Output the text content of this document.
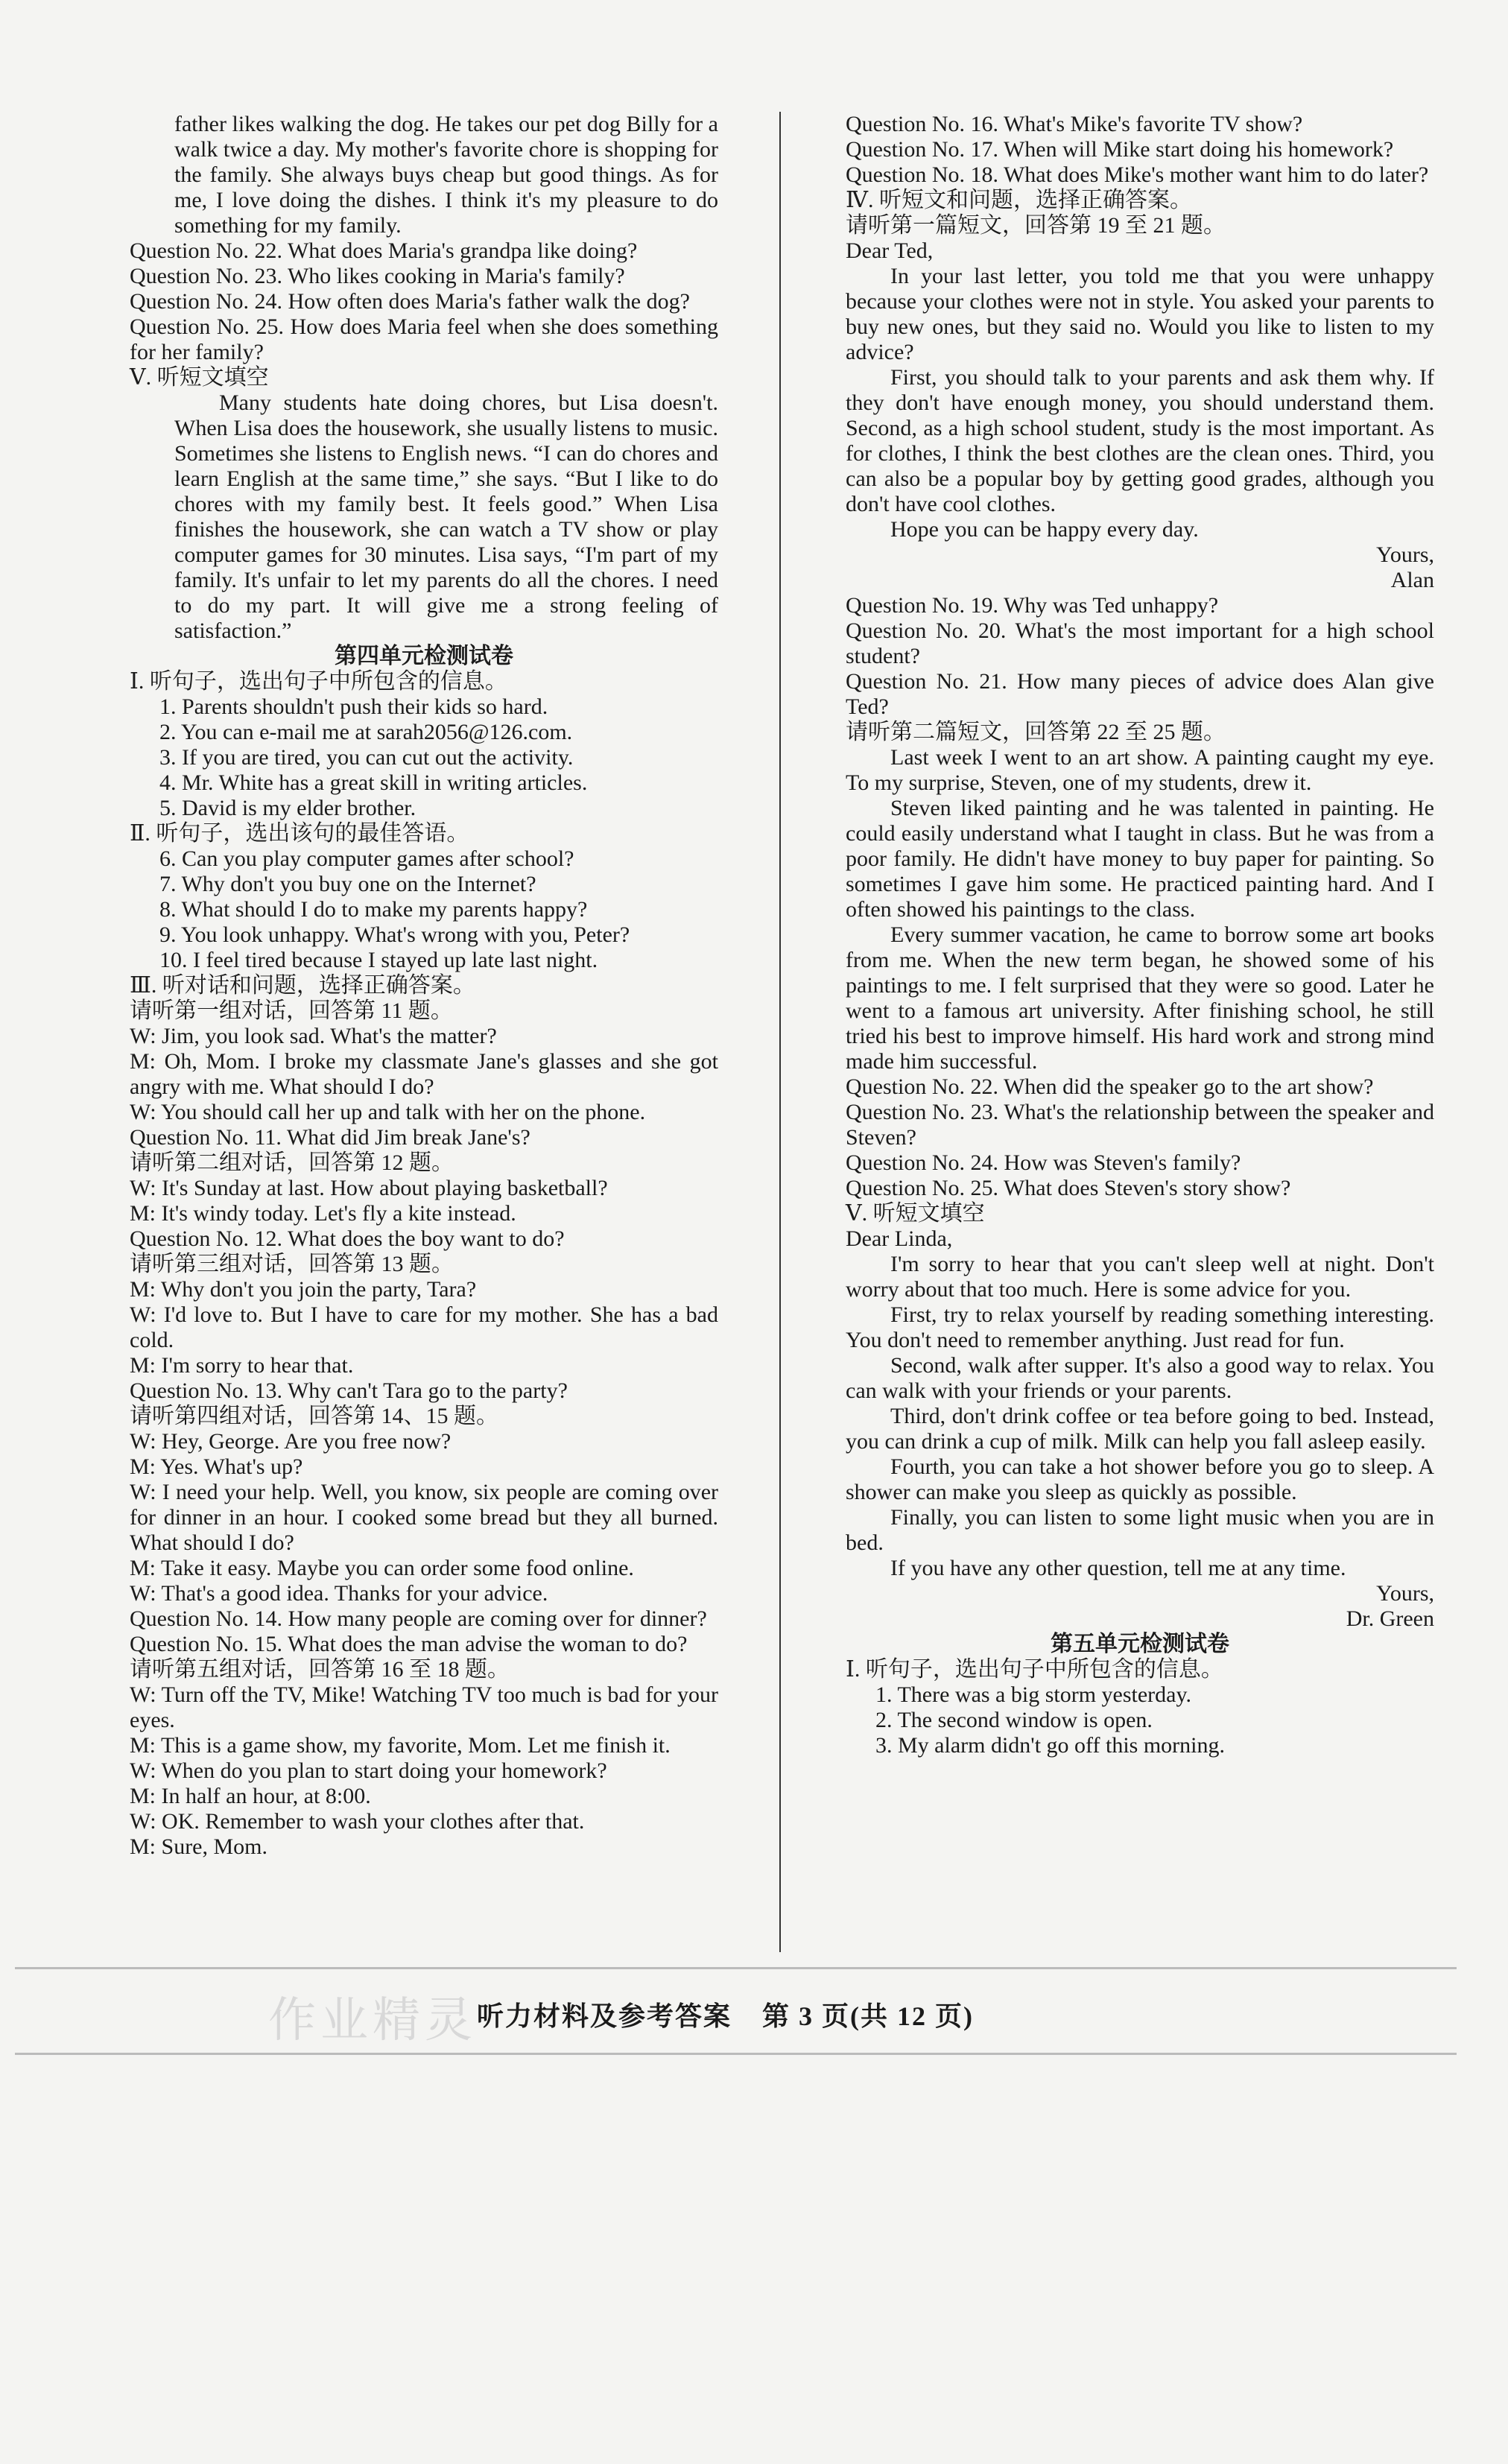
father likes walking the dog. He takes our pet dog Billy for a walk twice a day. My mother's favorite chore is shopping for the family. She always buys cheap but good things. As for me, I love doing the dishes. I think it's my pleasure to do something for my family.

Question No. 22. What does Maria's grandpa like doing?

Question No. 23. Who likes cooking in Maria's family?

Question No. 24. How often does Maria's father walk the dog?

Question No. 25. How does Maria feel when she does something for her family?

Ⅴ. 听短文填空

Many students hate doing chores, but Lisa doesn't. When Lisa does the housework, she usually listens to music. Sometimes she listens to English news. “I can do chores and learn English at the same time,” she says. “But I like to do chores with my family best. It feels good.” When Lisa finishes the housework, she can watch a TV show or play computer games for 30 minutes. Lisa says, “I'm part of my family. It's unfair to let my parents do all the chores. I need to do my part. It will give me a strong feeling of satisfaction.”

第四单元检测试卷

Ⅰ. 听句子，选出句子中所包含的信息。

1. Parents shouldn't push their kids so hard.

2. You can e-mail me at sarah2056@126.com.

3. If you are tired, you can cut out the activity.

4. Mr. White has a great skill in writing articles.

5. David is my elder brother.

Ⅱ. 听句子，选出该句的最佳答语。

6. Can you play computer games after school?

7. Why don't you buy one on the Internet?

8. What should I do to make my parents happy?

9. You look unhappy. What's wrong with you, Peter?

10. I feel tired because I stayed up late last night.

Ⅲ. 听对话和问题，选择正确答案。

请听第一组对话，回答第 11 题。

W: Jim, you look sad. What's the matter?

M: Oh, Mom. I broke my classmate Jane's glasses and she got angry with me. What should I do?

W: You should call her up and talk with her on the phone.

Question No. 11. What did Jim break Jane's?

请听第二组对话，回答第 12 题。

W: It's Sunday at last. How about playing basketball?

M: It's windy today. Let's fly a kite instead.

Question No. 12. What does the boy want to do?

请听第三组对话，回答第 13 题。

M: Why don't you join the party, Tara?

W: I'd love to. But I have to care for my mother. She has a bad cold.

M: I'm sorry to hear that.

Question No. 13. Why can't Tara go to the party?

请听第四组对话，回答第 14、15 题。

W: Hey, George. Are you free now?

M: Yes. What's up?

W: I need your help. Well, you know, six people are coming over for dinner in an hour. I cooked some bread but they all burned. What should I do?

M: Take it easy. Maybe you can order some food online.

W: That's a good idea. Thanks for your advice.

Question No. 14. How many people are coming over for dinner?

Question No. 15. What does the man advise the woman to do?

请听第五组对话，回答第 16 至 18 题。

W: Turn off the TV, Mike! Watching TV too much is bad for your eyes.

M: This is a game show, my favorite, Mom. Let me finish it.

W: When do you plan to start doing your homework?

M: In half an hour, at 8:00.

W: OK. Remember to wash your clothes after that.

M: Sure, Mom.

Question No. 16. What's Mike's favorite TV show?

Question No. 17. When will Mike start doing his homework?

Question No. 18. What does Mike's mother want him to do later?

Ⅳ. 听短文和问题，选择正确答案。

请听第一篇短文，回答第 19 至 21 题。

Dear Ted,

In your last letter, you told me that you were unhappy because your clothes were not in style. You asked your parents to buy new ones, but they said no. Would you like to listen to my advice?

First, you should talk to your parents and ask them why. If they don't have enough money, you should understand them. Second, as a high school student, study is the most important. As for clothes, I think the best clothes are the clean ones. Third, you can also be a popular boy by getting good grades, although you don't have cool clothes.

Hope you can be happy every day.

Yours,

Alan

Question No. 19. Why was Ted unhappy?

Question No. 20. What's the most important for a high school student?

Question No. 21. How many pieces of advice does Alan give Ted?

请听第二篇短文，回答第 22 至 25 题。

Last week I went to an art show. A painting caught my eye. To my surprise, Steven, one of my students, drew it.

Steven liked painting and he was talented in painting. He could easily understand what I taught in class. But he was from a poor family. He didn't have money to buy paper for painting. So sometimes I gave him some. He practiced painting hard. And I often showed his paintings to the class.

Every summer vacation, he came to borrow some art books from me. When the new term began, he showed some of his paintings to me. I felt surprised that they were so good. Later he went to a famous art university. After finishing school, he still tried his best to improve himself. His hard work and strong mind made him successful.

Question No. 22. When did the speaker go to the art show?

Question No. 23. What's the relationship between the speaker and Steven?

Question No. 24. How was Steven's family?

Question No. 25. What does Steven's story show?

Ⅴ. 听短文填空

Dear Linda,

I'm sorry to hear that you can't sleep well at night. Don't worry about that too much. Here is some advice for you.

First, try to relax yourself by reading something interesting. You don't need to remember anything. Just read for fun.

Second, walk after supper. It's also a good way to relax. You can walk with your friends or your parents.

Third, don't drink coffee or tea before going to bed. Instead, you can drink a cup of milk. Milk can help you fall asleep easily.

Fourth, you can take a hot shower before you go to sleep. A shower can make you sleep as quickly as possible.

Finally, you can listen to some light music when you are in bed.

If you have any other question, tell me at any time.

Yours,

Dr. Green

第五单元检测试卷

Ⅰ. 听句子，选出句子中所包含的信息。

1. There was a big storm yesterday.

2. The second window is open.

3. My alarm didn't go off this morning.

作业精灵 听力材料及参考答案 第 3 页(共 12 页)
